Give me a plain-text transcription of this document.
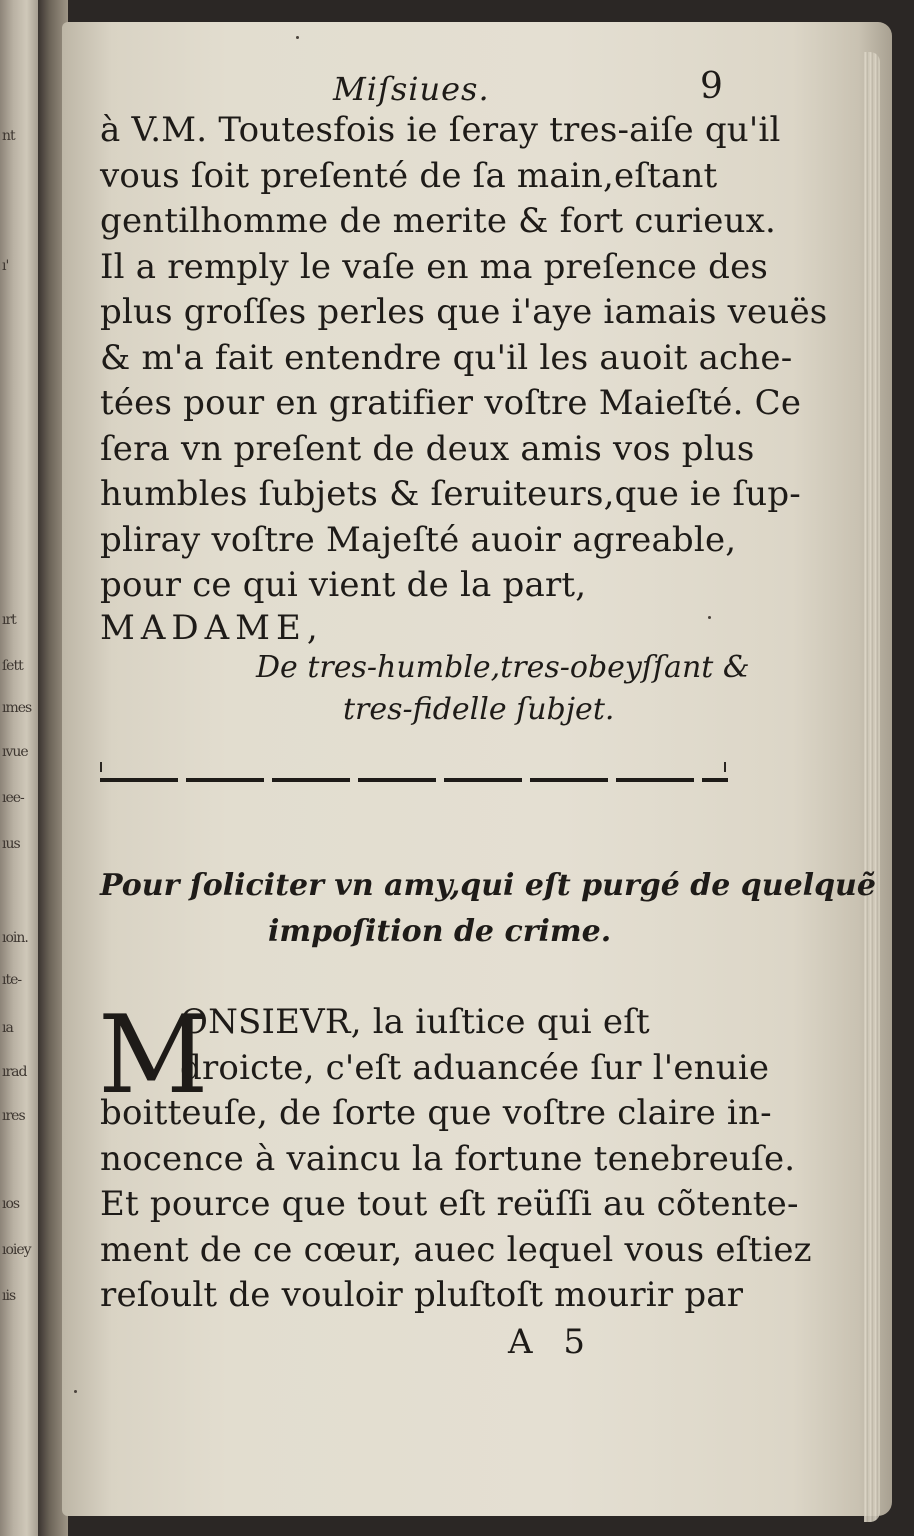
nt
ı'
ırt
ſett
ımes
ıvue
ıee-
ıus
ıoin.
ıte-
ıa
ırad
ıres
ıos
ıoiey
ıis
Miſsiues.	9
à V.M. Toutesfois ie ſeray tres-aiſe qu'il
vous ſoit preſenté de ſa main,eſtant
gentilhomme de merite & fort curieux.
Il a remply le vaſe en ma preſence des
plus groſſes perles que i'aye iamais veuës
& m'a fait entendre qu'il les auoit ache-
tées pour en gratifier voſtre Maieſté. Ce
ſera vn preſent de deux amis vos plus
humbles ſubjets & ſeruiteurs,que ie ſup-
pliray voſtre Majeſté auoir agreable,
pour ce qui vient de la part,
MADAME,
De tres-humble,tres-obeyſſant &
tres-fidelle ſubjet.
Pour ſoliciter vn amy,qui eſt purgé de quelquẽ
impoſition de crime.
M
ONSIEVR, la iuſtice qui eſt
droicte, c'eſt aduancée ſur l'enuie
boitteuſe, de ſorte que voſtre claire in-
nocence à vaincu la fortune tenebreuſe.
Et pource que tout eſt reüſſi au cõtente-
ment de ce cœur, auec lequel vous eſtiez
reſoult de vouloir pluſtoſt mourir par
A 5
